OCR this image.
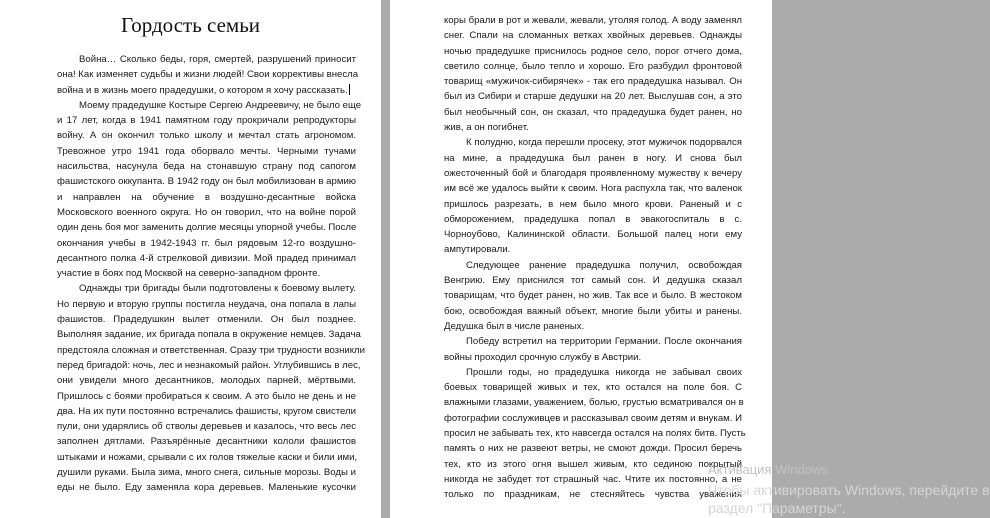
Гордость семьи
Война… Сколько беды, горя, смертей, разрушений приносит
она! Как изменяет судьбы и жизни людей! Свои коррективы внесла
война и в жизнь моего прадедушки, о котором я хочу рассказать.
Моему прадедушке Костыре Сергею Андреевичу, не было еще
и 17 лет, когда в 1941 памятном году прокричали репродукторы
войну. А он окончил только школу и мечтал стать агрономом.
Тревожное утро 1941 года оборвало мечты. Черными тучами
насильства, насунула беда на стонавшую страну под сапогом
фашистского оккупанта. В 1942 году он был мобилизован в армию
и направлен на обучение в воздушно-десантные войска
Московского военного округа. Но он говорил, что на войне порой
один день боя мог заменить долгие месяцы упорной учебы. После
окончания учебы в 1942-1943 гг. был рядовым 12-го воздушно-
десантного полка 4-й стрелковой дивизии. Мой прадед принимал
участие в боях под Москвой на северно-западном фронте.
Однажды три бригады были подготовлены к боевому вылету.
Но первую и вторую группы постигла неудача, она попала в лапы
фашистов. Прадедушкин вылет отменили. Он был позднее.
Выполняя задание, их бригада попала в окружение немцев. Задача
предстояла сложная и ответственная. Сразу три трудности возникли
перед бригадой: ночь, лес и незнакомый район. Углубившись в лес,
они увидели много десантников, молодых парней, мёртвыми.
Пришлось с боями пробираться к своим. А это было не день и не
два. На их пути постоянно встречались фашисты, кругом свистели
пули, они ударялись об стволы деревьев и казалось, что весь лес
заполнен дятлами. Разъярённые десантники кололи фашистов
штыками и ножами, срывали с их голов тяжелые каски и били ими,
душили руками. Была зима, много снега, сильные морозы. Воды и
еды не было. Еду заменяла кора деревьев. Маленькие кусочки
коры брали в рот и жевали, жевали, утоляя голод. А воду заменял
снег. Спали на сломанных ветках хвойных деревьев. Однажды
ночью прадедушке приснилось родное село, порог отчего дома,
светило солнце, было тепло и хорошо. Его разбудил фронтовой
товарищ «мужичок-сибирячек» - так его прадедушка называл. Он
был из Сибири и старше дедушки на 20 лет. Выслушав сон, а это
был необычный сон, он сказал, что прадедушка будет ранен, но
жив, а он погибнет.
К полудню, когда перешли просеку, этот мужичок подорвался
на мине, а прадедушка был ранен в ногу. И снова был
ожесточенный бой и благодаря проявленному мужеству к вечеру
им всё же удалось выйти к своим. Нога распухла так, что валенок
пришлось разрезать, в нем было много крови. Раненый и с
обморожением, прадедушка попал в эвакогоспиталь в с.
Чорноубово, Калининской области. Большой палец ноги ему
ампутировали.
Следующее ранение прадедушка получил, освобождая
Венгрию. Ему приснился тот самый сон. И дедушка сказал
товарищам, что будет ранен, но жив. Так все и было. В жестоком
бою, освобождая важный объект, многие были убиты и ранены.
Дедушка был в числе раненых.
Победу встретил на территории Германии. После окончания
войны проходил срочную службу в Австрии.
Прошли годы, но прадедушка никогда не забывал своих
боевых товарищей живых и тех, кто остался на поле боя. С
влажными глазами, уважением, болью, грустью всматривался он в
фотографии сослуживцев и рассказывал своим детям и внукам. И
просил не забывать тех, кто навсегда остался на полях битв. Пусть
память о них не развеют ветры, не смоют дожди. Просил беречь
тех, кто из этого огня вышел живым, кто сединою покрытый
никогда не забудет тот страшный час. Чтите их постоянно, а не
только по праздникам, не стесняйтесь чувства уважения
Активация Windows
Чтобы активировать Windows, перейдите в
раздел "Параметры".
